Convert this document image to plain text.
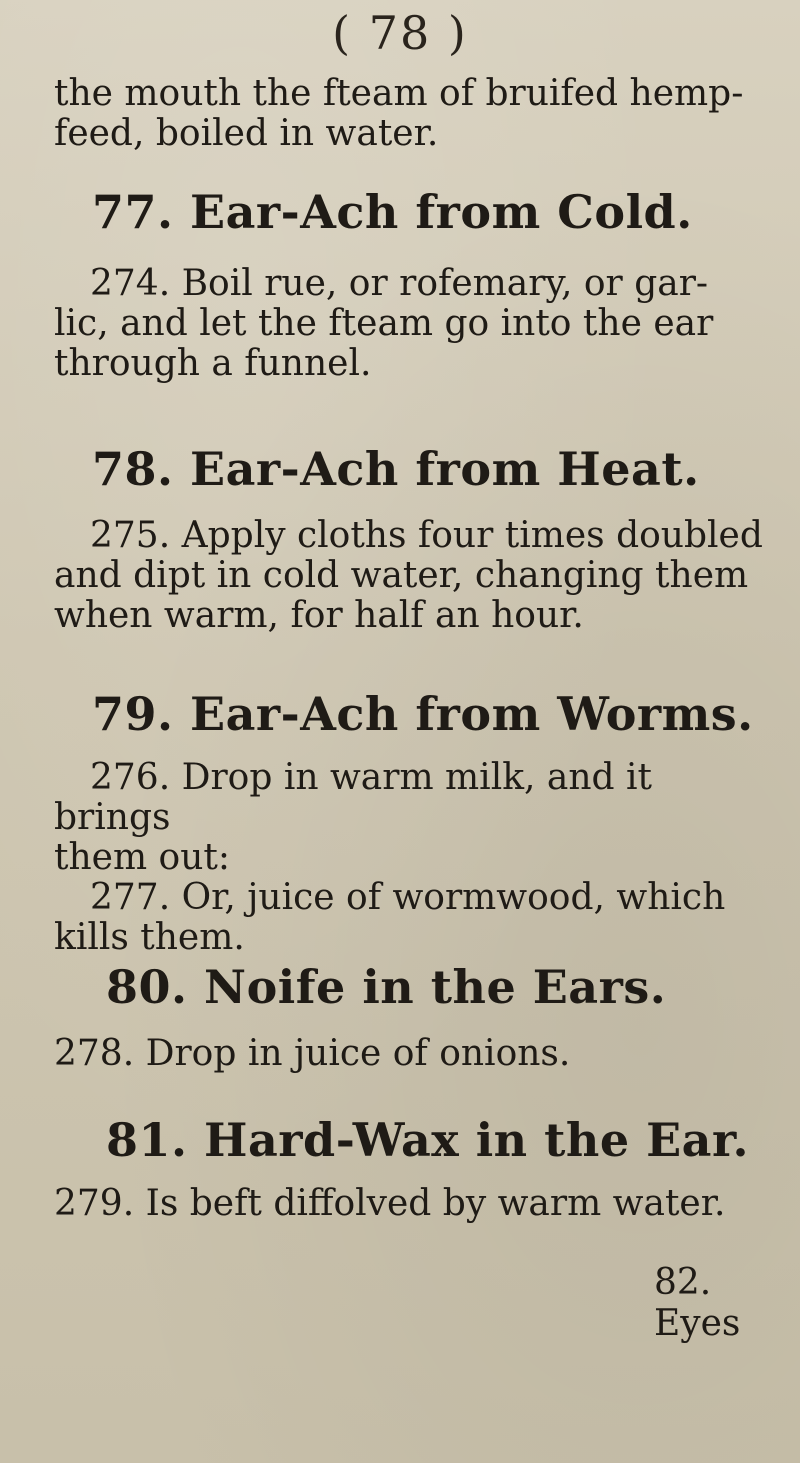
( 78 )

the mouth the fteam of bruifed hemp-
feed, boiled in water.

77. Ear-Ach from Cold.

274. Boil rue, or rofemary, or gar-
lic, and let the fteam go into the ear
through a funnel.

78. Ear-Ach from Heat.

275. Apply cloths four times doubled
and dipt in cold water, changing them
when warm, for half an hour.

79. Ear-Ach from Worms.

276. Drop in warm milk, and it brings
them out:
277. Or, juice of wormwood, which
kills them.

80. Noife in the Ears.

278. Drop in juice of onions.

81. Hard-Wax in the Ear.

279. Is beft diffolved by warm water.

82. Eyes
